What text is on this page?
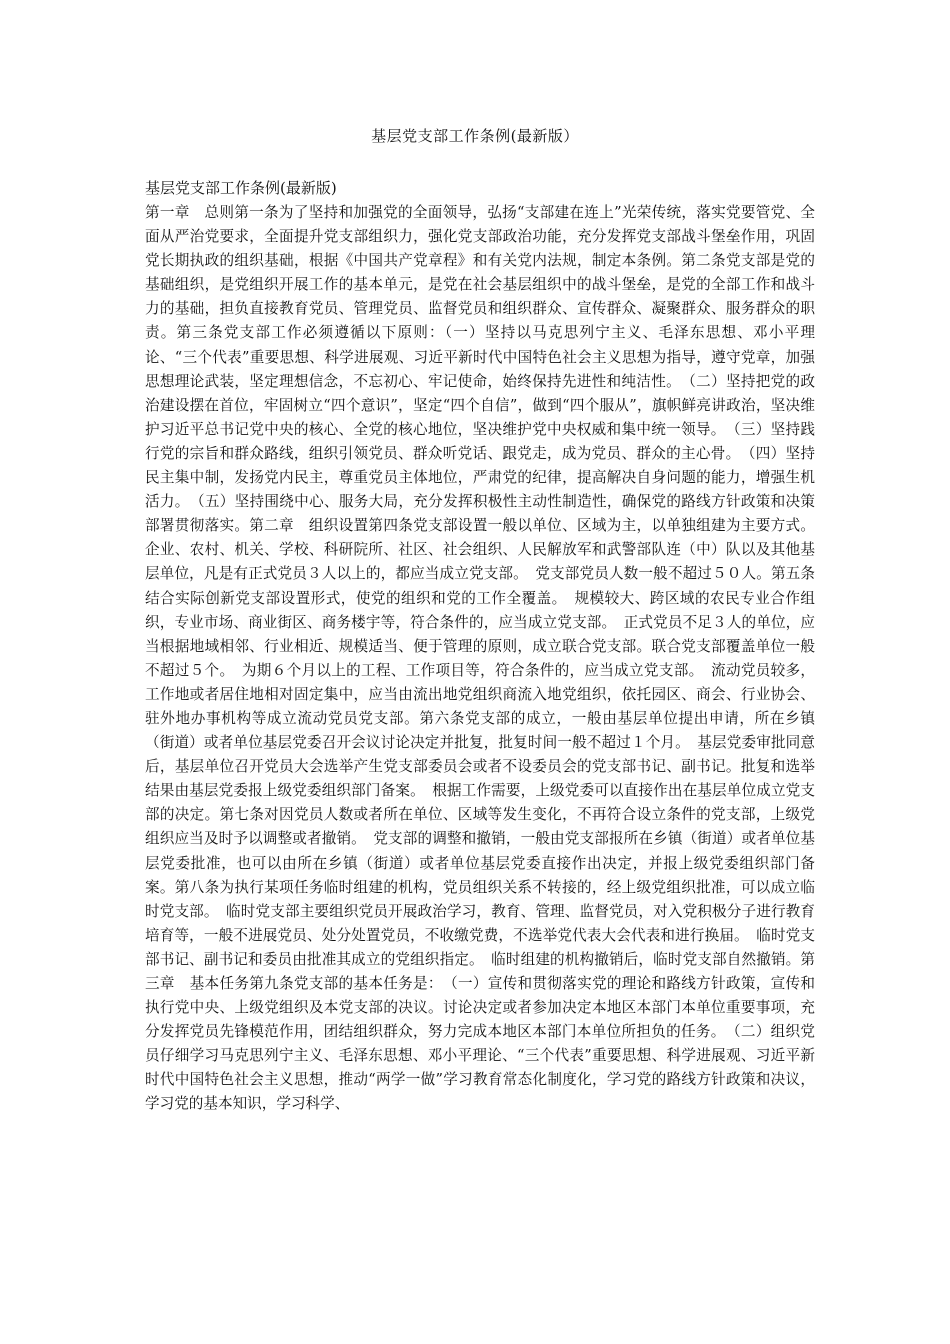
基层党支部工作条例(最新版）
基层党支部工作条例(最新版)

第一章　总则第一条为了坚持和加强党的全面领导，弘扬“支部建在连上”光荣传统，落实党要管党、全面从严治党要求，全面提升党支部组织力，强化党支部政治功能，充分发挥党支部战斗堡垒作用，巩固党长期执政的组织基础，根据《中国共产党章程》和有关党内法规，制定本条例。第二条党支部是党的基础组织，是党组织开展工作的基本单元，是党在社会基层组织中的战斗堡垒，是党的全部工作和战斗力的基础，担负直接教育党员、管理党员、监督党员和组织群众、宣传群众、凝聚群众、服务群众的职责。第三条党支部工作必须遵循以下原则：（一）坚持以马克思列宁主义、毛泽东思想、邓小平理论、“三个代表”重要思想、科学进展观、习近平新时代中国特色社会主义思想为指导，遵守党章，加强思想理论武装，坚定理想信念，不忘初心、牢记使命，始终保持先进性和纯洁性。　（二）坚持把党的政治建设摆在首位，牢固树立“四个意识”，坚定“四个自信”，做到“四个服从”，旗帜鲜亮讲政治，坚决维护习近平总书记党中央的核心、全党的核心地位，坚决维护党中央权威和集中统一领导。　（三）坚持践行党的宗旨和群众路线，组织引领党员、群众听党话、跟党走，成为党员、群众的主心骨。　（四）坚持民主集中制，发扬党内民主，尊重党员主体地位，严肃党的纪律，提高解决自身问题的能力，增强生机活力。　（五）坚持围绕中心、服务大局，充分发挥积极性主动性制造性，确保党的路线方针政策和决策部署贯彻落实。第二章　组织设置第四条党支部设置一般以单位、区域为主，以单独组建为主要方式。企业、农村、机关、学校、科研院所、社区、社会组织、人民解放军和武警部队连（中）队以及其他基层单位，凡是有正式党员３人以上的，都应当成立党支部。　党支部党员人数一般不超过５０人。第五条结合实际创新党支部设置形式，使党的组织和党的工作全覆盖。　规模较大、跨区域的农民专业合作组织，专业市场、商业街区、商务楼宇等，符合条件的，应当成立党支部。　正式党员不足３人的单位，应当根据地域相邻、行业相近、规模适当、便于管理的原则，成立联合党支部。联合党支部覆盖单位一般不超过５个。　为期６个月以上的工程、工作项目等，符合条件的，应当成立党支部。　流动党员较多，工作地或者居住地相对固定集中，应当由流出地党组织商流入地党组织，依托园区、商会、行业协会、驻外地办事机构等成立流动党员党支部。第六条党支部的成立，一般由基层单位提出申请，所在乡镇（街道）或者单位基层党委召开会议讨论决定并批复，批复时间一般不超过１个月。　基层党委审批同意后，基层单位召开党员大会选举产生党支部委员会或者不设委员会的党支部书记、副书记。批复和选举结果由基层党委报上级党委组织部门备案。　根据工作需要，上级党委可以直接作出在基层单位成立党支部的决定。第七条对因党员人数或者所在单位、区域等发生变化，不再符合设立条件的党支部，上级党组织应当及时予以调整或者撤销。　党支部的调整和撤销，一般由党支部报所在乡镇（街道）或者单位基层党委批准，也可以由所在乡镇（街道）或者单位基层党委直接作出决定，并报上级党委组织部门备案。第八条为执行某项任务临时组建的机构，党员组织关系不转接的，经上级党组织批准，可以成立临时党支部。　临时党支部主要组织党员开展政治学习，教育、管理、监督党员，对入党积极分子进行教育培育等，一般不进展党员、处分处置党员，不收缴党费，不选举党代表大会代表和进行换届。　临时党支部书记、副书记和委员由批准其成立的党组织指定。　临时组建的机构撤销后，临时党支部自然撤销。第三章　基本任务第九条党支部的基本任务是：　（一）宣传和贯彻落实党的理论和路线方针政策，宣传和执行党中央、上级党组织及本党支部的决议。讨论决定或者参加决定本地区本部门本单位重要事项，充分发挥党员先锋模范作用，团结组织群众，努力完成本地区本部门本单位所担负的任务。　（二）组织党员仔细学习马克思列宁主义、毛泽东思想、邓小平理论、“三个代表”重要思想、科学进展观、习近平新时代中国特色社会主义思想，推动“两学一做”学习教育常态化制度化，学习党的路线方针政策和决议，学习党的基本知识，学习科学、
